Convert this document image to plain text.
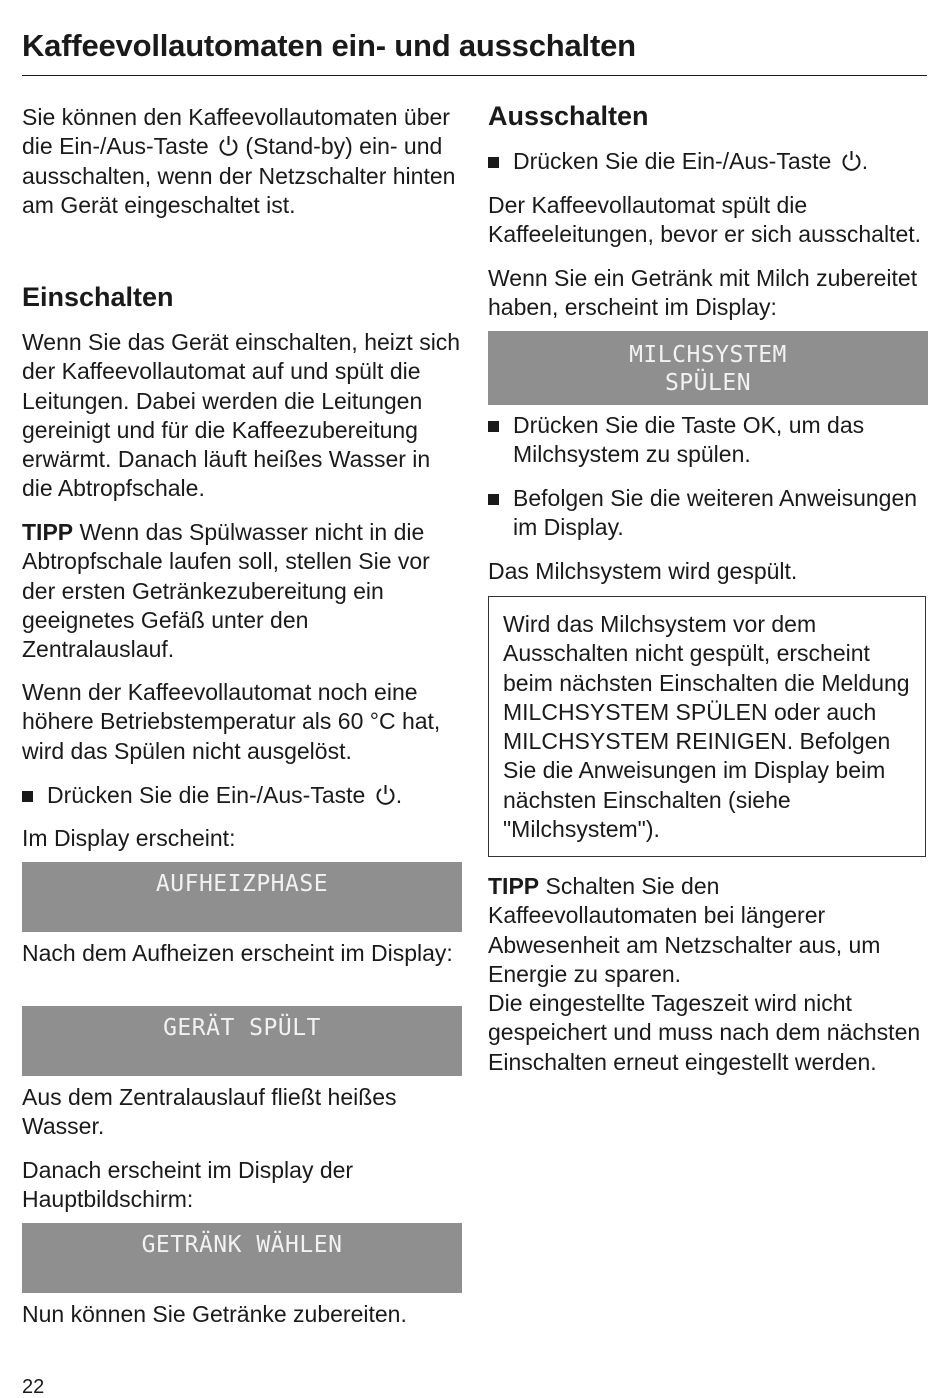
Kaffeevollautomaten ein- und ausschalten

Sie können den Kaffeevollautomaten über die Ein-/Aus-Taste
(Stand-by) ein- und ausschalten, wenn der Netzschalter hinten am Gerät eingeschaltet ist.

Einschalten

Wenn Sie das Gerät einschalten, heizt sich der Kaffeevollautomat auf und spült die Leitungen. Dabei werden die Leitungen gereinigt und für die Kaffeezubereitung erwärmt. Danach läuft heißes Wasser in die Abtropfschale.

TIPP Wenn das Spülwasser nicht in die Abtropfschale laufen soll, stellen Sie vor der ersten Getränkezubereitung ein geeignetes Gefäß unter den Zentralauslauf.

Wenn der Kaffeevollautomat noch eine höhere Betriebstemperatur als 60 °C hat, wird das Spülen nicht ausgelöst.

Drücken Sie die Ein-/Aus-Taste .

Im Display erscheint:

AUFHEIZPHASE

Nach dem Aufheizen erscheint im Display:

GERÄT SPÜLT

Aus dem Zentralauslauf fließt heißes Wasser.

Danach erscheint im Display der Hauptbildschirm:

GETRÄNK WÄHLEN

Nun können Sie Getränke zubereiten.

Ausschalten

Drücken Sie die Ein-/Aus-Taste .

Der Kaffeevollautomat spült die Kaffeeleitungen, bevor er sich ausschaltet.

Wenn Sie ein Getränk mit Milch zubereitet haben, erscheint im Display:

MILCHSYSTEM
SPÜLEN

Drücken Sie die Taste OK, um das Milchsystem zu spülen.

Befolgen Sie die weiteren Anweisungen im Display.

Das Milchsystem wird gespült.

Wird das Milchsystem vor dem Ausschalten nicht gespült, erscheint beim nächsten Einschalten die Meldung MILCHSYSTEM SPÜLEN oder auch MILCHSYSTEM REINIGEN. Befolgen Sie die Anweisungen im Display beim nächsten Einschalten (siehe "Milchsystem").

TIPP Schalten Sie den Kaffeevollautomaten bei längerer Abwesenheit am Netzschalter aus, um Energie zu sparen.

Die eingestellte Tageszeit wird nicht gespeichert und muss nach dem nächsten Einschalten erneut eingestellt werden.

22
